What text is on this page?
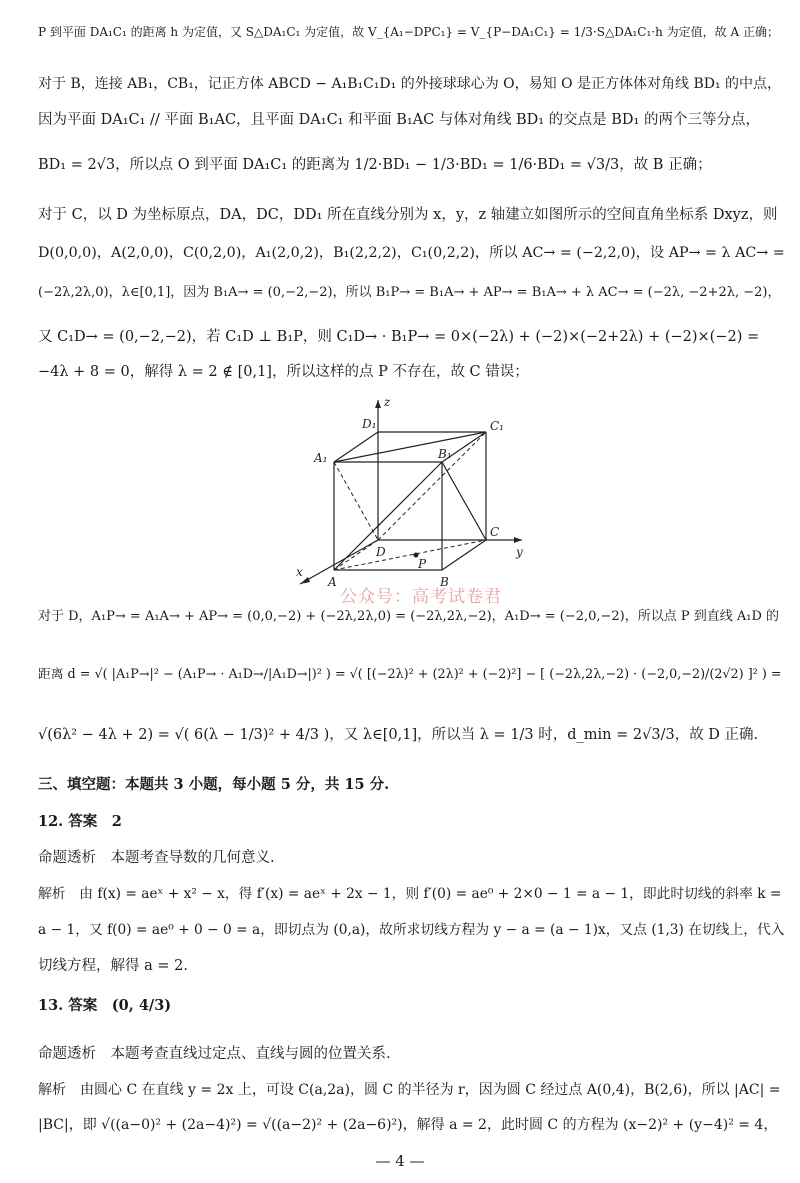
P 到平面 DA₁C₁ 的距离 h 为定值，又 S△DA₁C₁ 为定值，故 V_{A₁−DPC₁} = V_{P−DA₁C₁} = 1/3·S△DA₁C₁·h 为定值，故 A 正确；
对于 B，连接 AB₁，CB₁，记正方体 ABCD − A₁B₁C₁D₁ 的外接球球心为 O，易知 O 是正方体体对角线 BD₁ 的中点，
因为平面 DA₁C₁ // 平面 B₁AC，且平面 DA₁C₁ 和平面 B₁AC 与体对角线 BD₁ 的交点是 BD₁ 的两个三等分点，
BD₁ = 2√3，所以点 O 到平面 DA₁C₁ 的距离为 1/2·BD₁ − 1/3·BD₁ = 1/6·BD₁ = √3/3，故 B 正确；
对于 C，以 D 为坐标原点，DA，DC，DD₁ 所在直线分别为 x，y，z 轴建立如图所示的空间直角坐标系 Dxyz，则
D(0,0,0)，A(2,0,0)，C(0,2,0)，A₁(2,0,2)，B₁(2,2,2)，C₁(0,2,2)，所以 AC→ = (−2,2,0)，设 AP→ = λ AC→ =
(−2λ,2λ,0)，λ∈[0,1]，因为 B₁A→ = (0,−2,−2)，所以 B₁P→ = B₁A→ + AP→ = B₁A→ + λ AC→ = (−2λ, −2+2λ, −2)，
又 C₁D→ = (0,−2,−2)，若 C₁D ⊥ B₁P，则 C₁D→ · B₁P→ = 0×(−2λ) + (−2)×(−2+2λ) + (−2)×(−2) =
−4λ + 8 = 0，解得 λ = 2 ∉ [0,1]，所以这样的点 P 不存在，故 C 错误；
z
D₁	C₁
A₁	B₁
D
P
C
y
x
A	B
公众号：高考试卷君
对于 D，A₁P→ = A₁A→ + AP→ = (0,0,−2) + (−2λ,2λ,0) = (−2λ,2λ,−2)，A₁D→ = (−2,0,−2)，所以点 P 到直线 A₁D 的
距离 d = √( |A₁P→|² − (A₁P→ · A₁D→/|A₁D→|)² ) = √( [(−2λ)² + (2λ)² + (−2)²] − [ (−2λ,2λ,−2) · (−2,0,−2)/(2√2) ]² ) =
√(6λ² − 4λ + 2) = √( 6(λ − 1/3)² + 4/3 )，又 λ∈[0,1]，所以当 λ = 1/3 时，d_min = 2√3/3，故 D 正确.
三、填空题：本题共 3 小题，每小题 5 分，共 15 分.
12. 答案　2
命题透析　本题考查导数的几何意义.
解析　由 f(x) = aeˣ + x² − x，得 f′(x) = aeˣ + 2x − 1，则 f′(0) = ae⁰ + 2×0 − 1 = a − 1，即此时切线的斜率 k =
a − 1，又 f(0) = ae⁰ + 0 − 0 = a，即切点为 (0,a)，故所求切线方程为 y − a = (a − 1)x，又点 (1,3) 在切线上，代入
切线方程，解得 a = 2.
13. 答案　(0, 4/3)
命题透析　本题考查直线过定点、直线与圆的位置关系.
解析　由圆心 C 在直线 y = 2x 上，可设 C(a,2a)，圆 C 的半径为 r，因为圆 C 经过点 A(0,4)，B(2,6)，所以 |AC| =
|BC|，即 √((a−0)² + (2a−4)²) = √((a−2)² + (2a−6)²)，解得 a = 2，此时圆 C 的方程为 (x−2)² + (y−4)² = 4，
— 4 —
